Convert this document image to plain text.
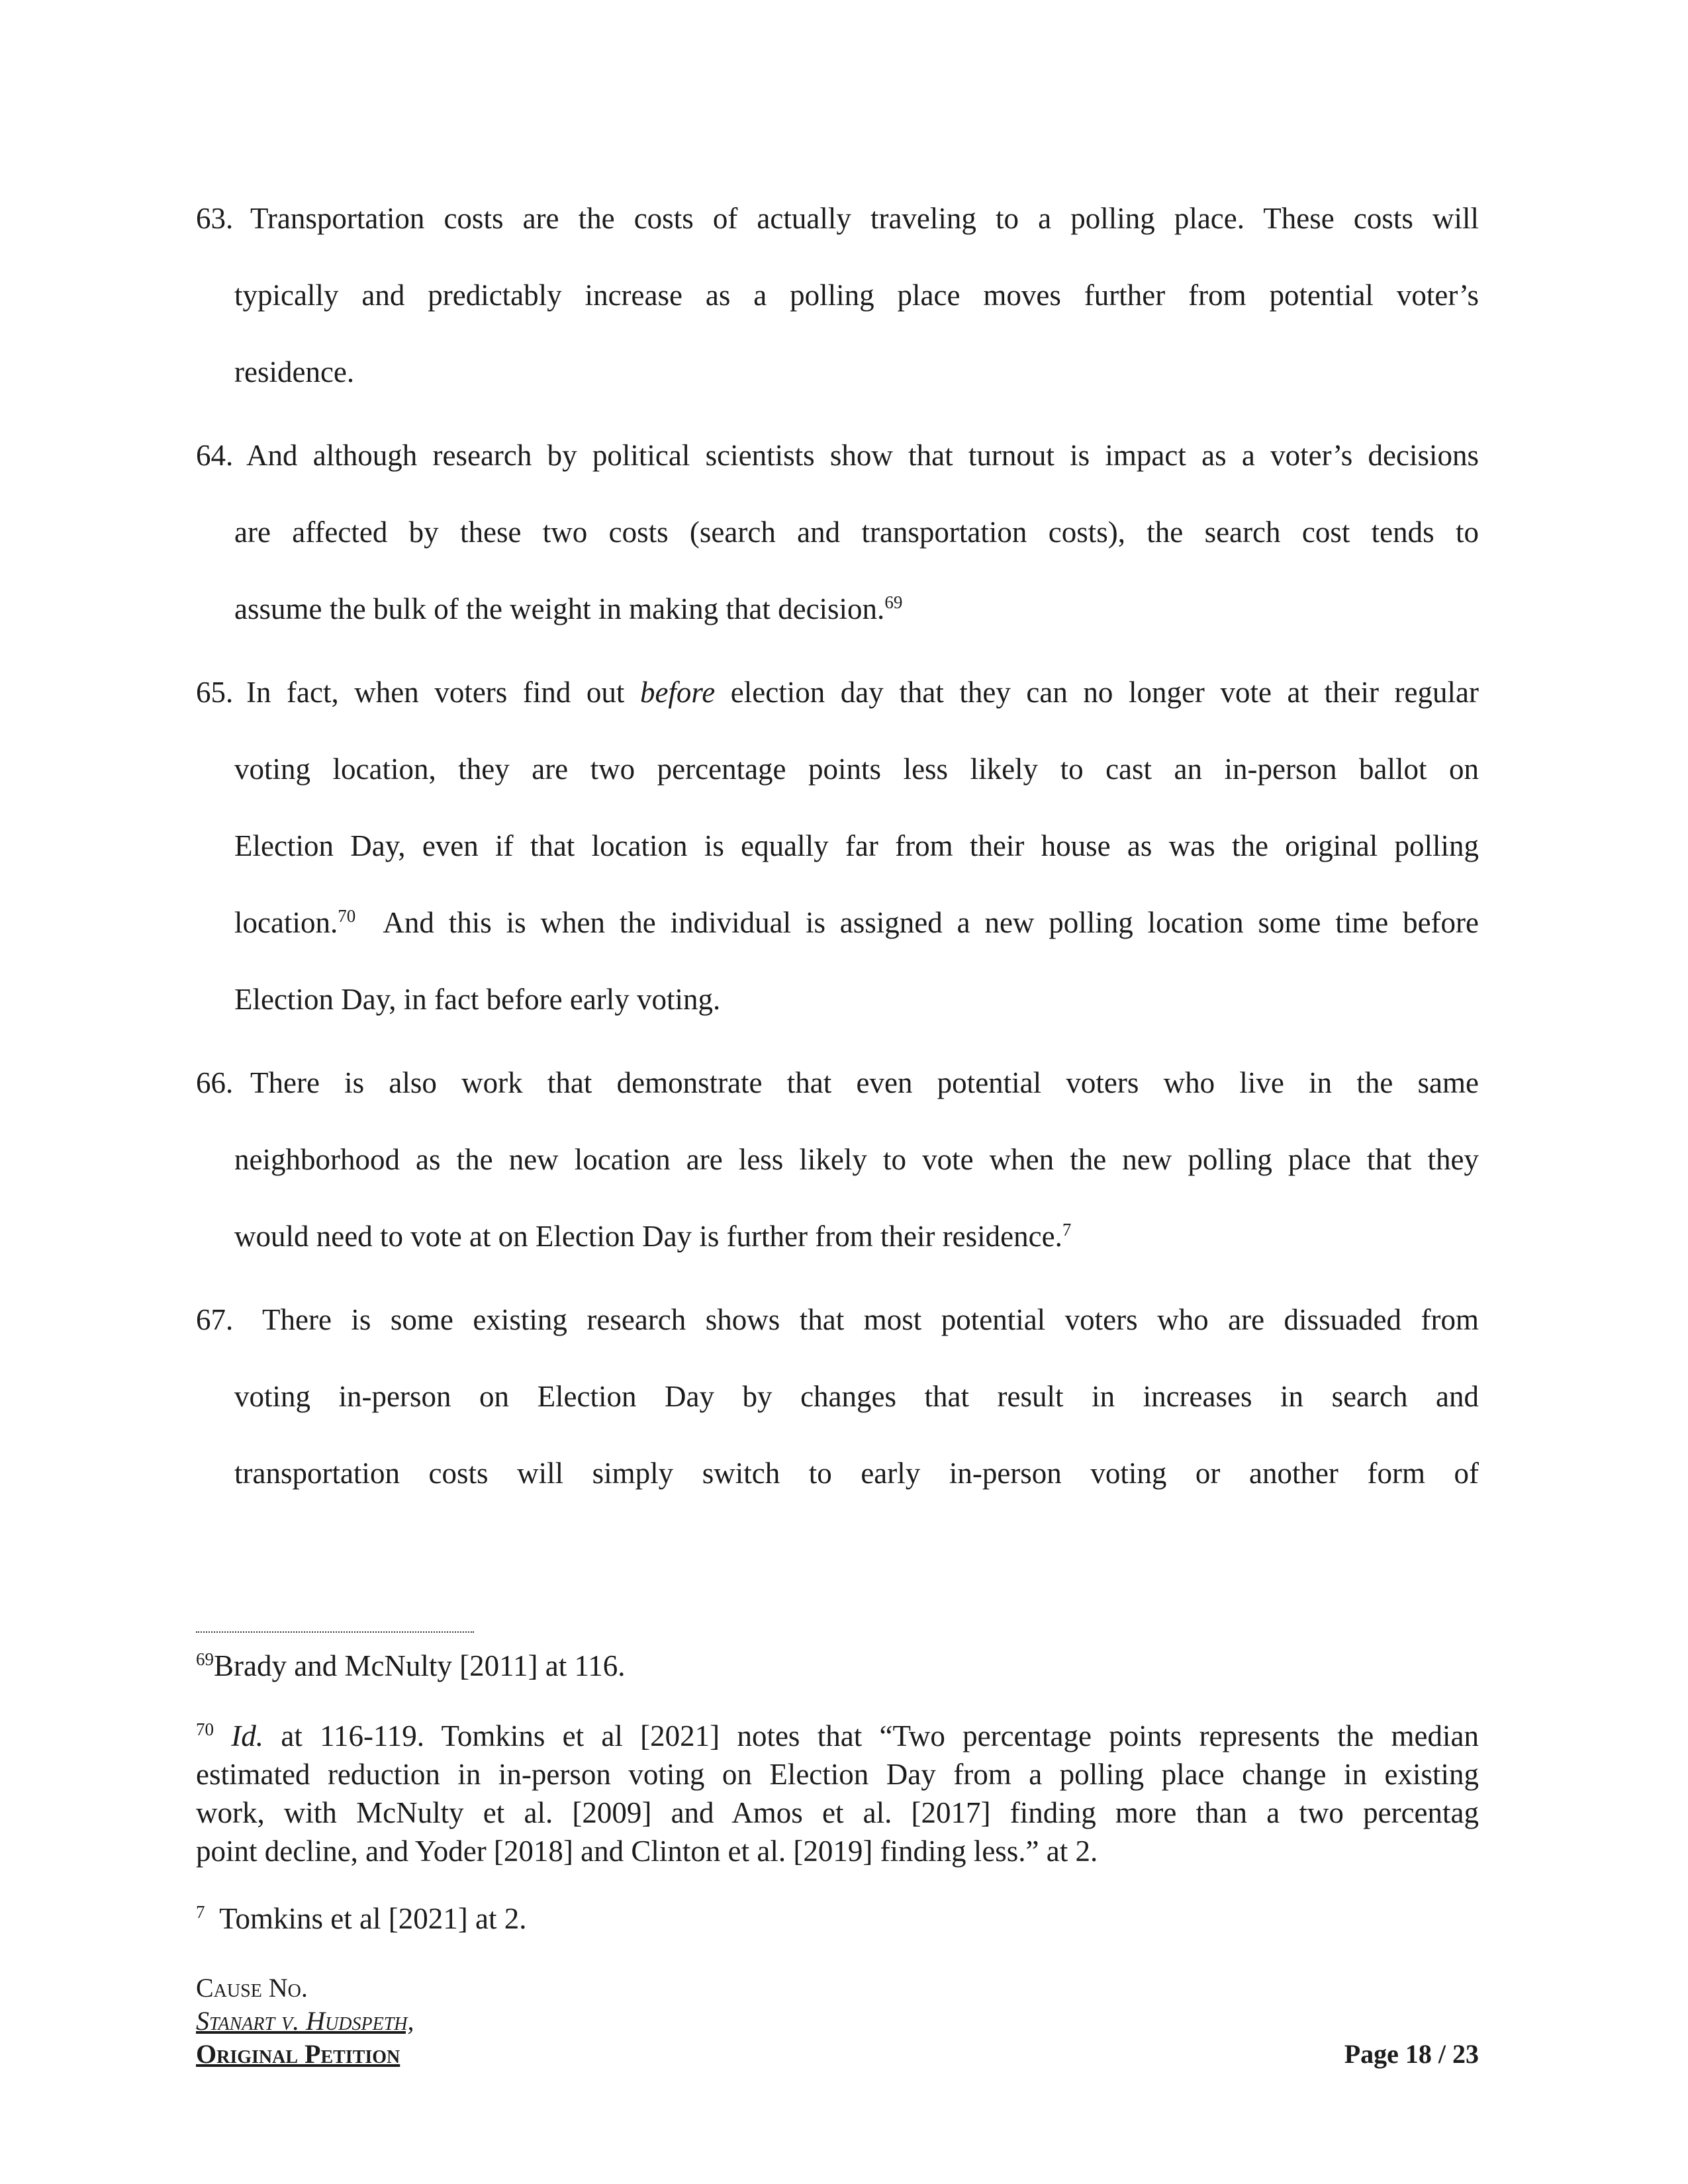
63. Transportation costs are the costs of actually traveling to a polling place. These costs will
typically and predictably increase as a polling place moves further from potential voter’s
residence.
64. And although research by political scientists show that turnout is impact as a voter’s decisions
are affected by these two costs (search and transportation costs), the search cost tends to
assume the bulk of the weight in making that decision.$^{69}$
65. In fact, when voters find out before election day that they can no longer vote at their regular
voting location, they are two percentage points less likely to cast an in-person ballot on
Election Day, even if that location is equally far from their house as was the original polling
location.$^{70}$  And this is when the individual is assigned a new polling location some time before
Election Day, in fact before early voting.
66. There is also work that demonstrate that even potential voters who live in the same
neighborhood as the new location are less likely to vote when the new polling place that they
would need to vote at on Election Day is further from their residence.$^7$
67. There is some existing research shows that most potential voters who are dissuaded from
voting in-person on Election Day by changes that result in increases in search and
transportation costs will simply switch to early in-person voting or another form of
$^{69}$Brady and McNulty [2011] at 116.
$^{70}$ Id. at 116-119. Tomkins et al [2021] notes that “Two percentage points represents the median
estimated reduction in in-person voting on Election Day from a polling place change in existing
work, with McNulty et al. [2009] and Amos et al. [2017] finding more than a two percentag
point decline, and Yoder [2018] and Clinton et al. [2019] finding less.” at 2.
$^7$  Tomkins et al [2021] at 2.
Cause No.
Stanart v. Hudspeth,
Original Petition	Page 18 / 23
